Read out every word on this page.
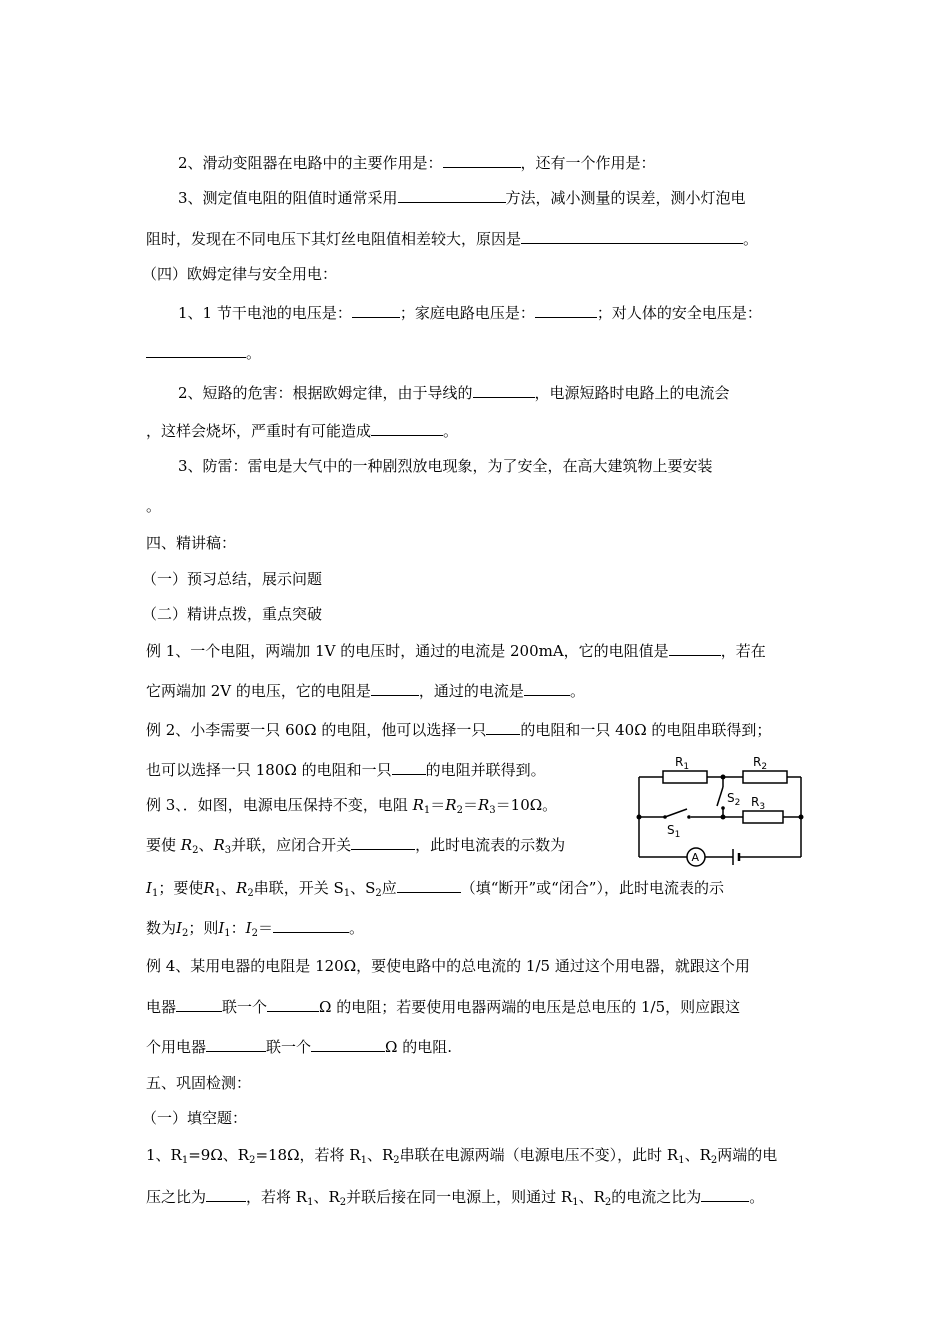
2、滑动变阻器在电路中的主要作用是：	，还有一个作用是：
3、测定值电阻的阻值时通常采用	方法，减小测量的误差，测小灯泡电
阻时，发现在不同电压下其灯丝电阻值相差较大，原因是	。
（四）欧姆定律与安全用电：
1、1 节干电池的电压是：	；家庭电路电压是：	；对人体的安全电压是：
。
2、短路的危害：根据欧姆定律，由于导线的	，电源短路时电路上的电流会
，这样会烧坏，严重时有可能造成	。
3、防雷：雷电是大气中的一种剧烈放电现象，为了安全，在高大建筑物上要安装
。
四、精讲稿：
（一）预习总结，展示问题
（二）精讲点拨，重点突破
例 1、一个电阻，两端加 1V 的电压时，通过的电流是 200mA，它的电阻值是	，若在
它两端加 2V 的电压，它的电阻是	，通过的电流是	。
例 2、小李需要一只 60Ω 的电阻，他可以选择一只 的电阻和一只 40Ω 的电阻串联得到；
也可以选择一只 180Ω 的电阻和一只 的电阻并联得到。
例 3、．如图，电源电压保持不变，电阻 $R_1=R_2=R_3=10\Omega$。
要使 $R_2$、$R_3$并联，应闭合开关	，此时电流表的示数为
$I_1$；要使$R_1$、$R_2$串联，开关 $S_1$、$S_2$应	（填“断开”或“闭合”），此时电流表的示
数为$I_2$；则$I_1$：$I_2=$	。
$R_1$	$R_2$
$R_3$
$S_1$
$S_2$
A
例 4、某用电器的电阻是 120Ω，要使电路中的总电流的 1/5 通过这个用电器，就跟这个用
电器	联一个	Ω 的电阻；若要使用电器两端的电压是总电压的 1/5，则应跟这
个用电器	联一个	Ω 的电阻.
五、巩固检测：
（一）填空题：
1、$R_1=9\Omega$、$R_2=18\Omega$，若将 $R_1$、$R_2$串联在电源两端（电源电压不变），此时 $R_1$、$R_2$两端的电
压之比为	，若将 $R_1$、$R_2$并联后接在同一电源上，则通过 $R_1$、$R_2$的电流之比为	。
